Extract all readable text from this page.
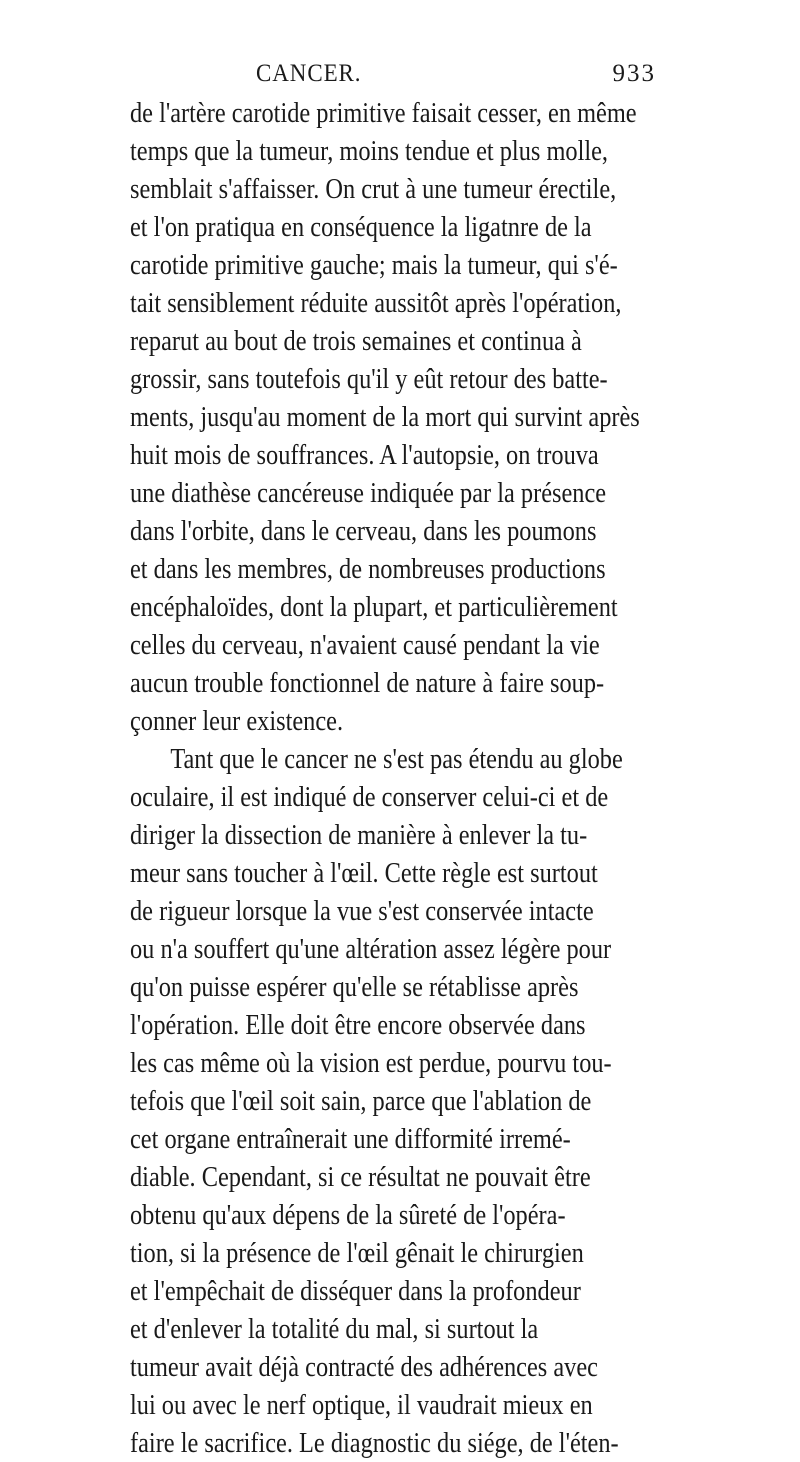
CANCER.	933
de l'artère carotide primitive faisait cesser, en même
temps que la tumeur, moins tendue et plus molle,
semblait s'affaisser. On crut à une tumeur érectile,
et l'on pratiqua en conséquence la ligatnre de la
carotide primitive gauche; mais la tumeur, qui s'é-
tait sensiblement réduite aussitôt après l'opération,
reparut au bout de trois semaines et continua à
grossir, sans toutefois qu'il y eût retour des batte-
ments, jusqu'au moment de la mort qui survint après
huit mois de souffrances. A l'autopsie, on trouva
une diathèse cancéreuse indiquée par la présence
dans l'orbite, dans le cerveau, dans les poumons
et dans les membres, de nombreuses productions
encéphaloïdes, dont la plupart, et particulièrement
celles du cerveau, n'avaient causé pendant la vie
aucun trouble fonctionnel de nature à faire soup-
çonner leur existence.
Tant que le cancer ne s'est pas étendu au globe
oculaire, il est indiqué de conserver celui-ci et de
diriger la dissection de manière à enlever la tu-
meur sans toucher à l'œil. Cette règle est surtout
de rigueur lorsque la vue s'est conservée intacte
ou n'a souffert qu'une altération assez légère pour
qu'on puisse espérer qu'elle se rétablisse après
l'opération. Elle doit être encore observée dans
les cas même où la vision est perdue, pourvu tou-
tefois que l'œil soit sain, parce que l'ablation de
cet organe entraînerait une difformité irremé-
diable. Cependant, si ce résultat ne pouvait être
obtenu qu'aux dépens de la sûreté de l'opéra-
tion, si la présence de l'œil gênait le chirurgien
et l'empêchait de disséquer dans la profondeur
et d'enlever la totalité du mal, si surtout la
tumeur avait déjà contracté des adhérences avec
lui ou avec le nerf optique, il vaudrait mieux en
faire le sacrifice. Le diagnostic du siége, de l'éten-
